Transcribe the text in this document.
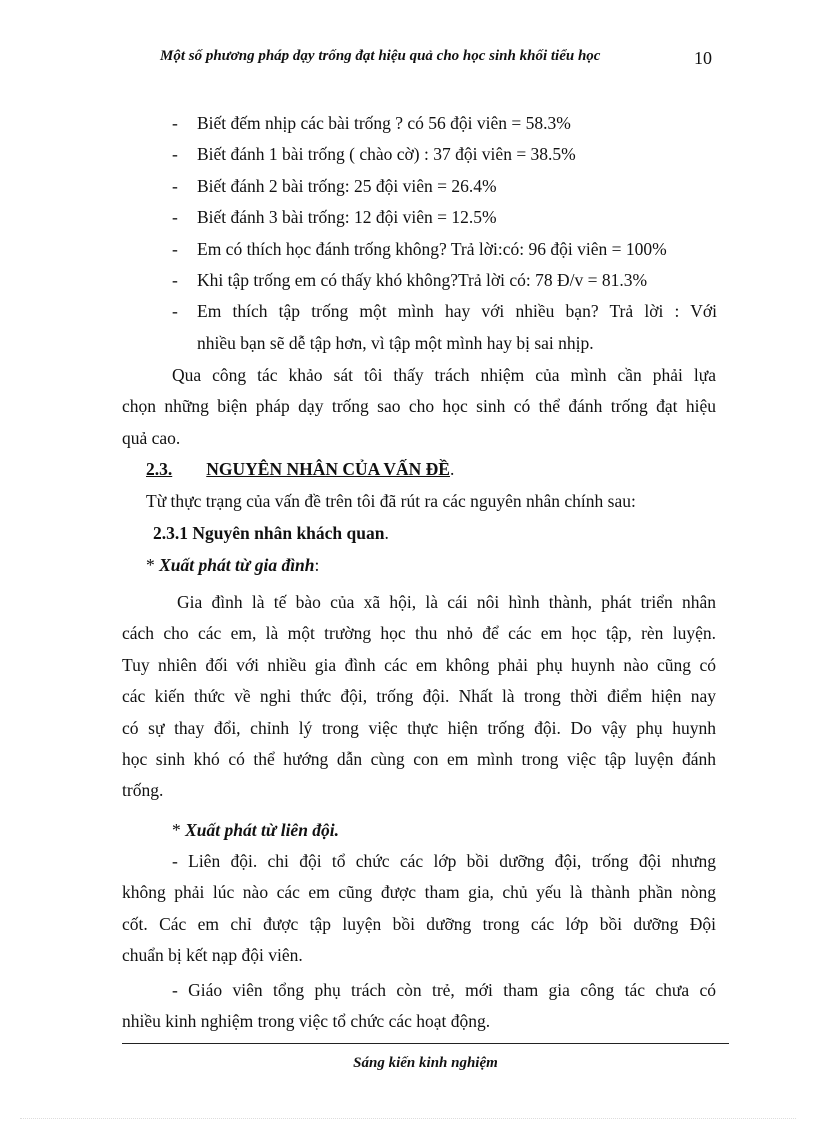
Một số phương pháp dạy trống đạt hiệu quả cho học sinh khối tiểu học	10
- Biết đếm nhịp các bài trống ? có 56 đội viên = 58.3%
- Biết đánh 1 bài trống ( chào cờ) : 37 đội viên = 38.5%
- Biết đánh 2 bài trống: 25 đội viên = 26.4%
- Biết đánh 3 bài trống: 12 đội viên = 12.5%
- Em có thích học đánh trống không? Trả lời:có: 96 đội viên = 100%
- Khi tập trống em có thấy khó không?Trả lời có: 78 Đ/v = 81.3%
- Em thích tập trống một mình hay với nhiều bạn? Trả lời : Với
nhiều bạn sẽ dễ tập hơn, vì tập một mình hay bị sai nhịp.
Qua công tác khảo sát tôi thấy trách nhiệm của mình cần phải lựa
chọn những biện pháp dạy trống sao cho học sinh có thể đánh trống đạt hiệu
quả cao.
2.3. NGUYÊN NHÂN CỦA VẤN ĐỀ.
Từ thực trạng của vấn đề trên tôi đã rút ra các nguyên nhân chính sau:
2.3.1 Nguyên nhân khách quan.
* Xuất phát từ gia đình:
Gia đình là tế bào của xã hội, là cái nôi hình thành, phát triển nhân
cách cho các em, là một trường học thu nhỏ để các em học tập, rèn luyện.
Tuy nhiên đối với nhiều gia đình các em không phải phụ huynh nào cũng có
các kiến thức về nghi thức đội, trống đội. Nhất là trong thời điểm hiện nay
có sự thay đổi, chỉnh lý trong việc thực hiện trống đội. Do vậy phụ huynh
học sinh khó có thể hướng dẫn cùng con em mình trong việc tập luyện đánh
trống.
* Xuất phát từ liên đội.
- Liên đội. chi đội tổ chức các lớp bồi dưỡng đội, trống đội nhưng
không phải lúc nào các em cũng được tham gia, chủ yếu là thành phần nòng
cốt. Các em chỉ được tập luyện bồi dưỡng trong các lớp bồi dưỡng Đội
chuẩn bị kết nạp đội viên.
- Giáo viên tổng phụ trách còn trẻ, mới tham gia công tác chưa có
nhiều kinh nghiệm trong việc tổ chức các hoạt động.
Sáng kiến kinh nghiệm
